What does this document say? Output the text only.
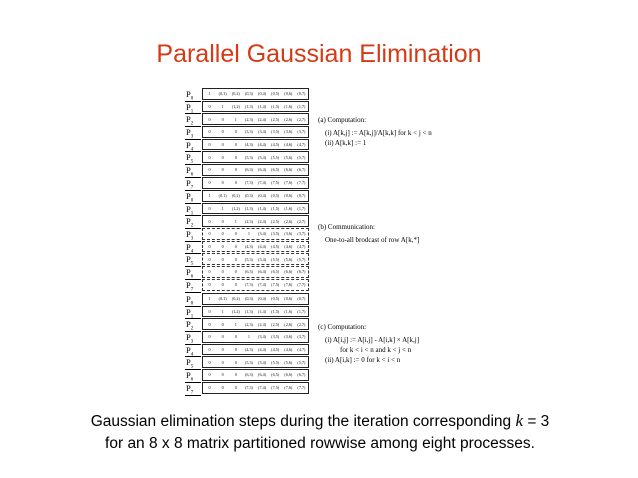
Parallel Gaussian Elimination
$P_0$
1	(0,1)	(0,2)	(0,3)	(0,4)	(0,5)	(0,6)	(0,7)
$P_1$
0	1	(1,2)	(1,3)	(1,4)	(1,5)	(1,6)	(1,7)
$P_2$
0	0	1	(2,3)	(2,4)	(2,5)	(2,6)	(2,7)
$P_3$
0	0	0	(3,3)	(3,4)	(3,5)	(3,6)	(3,7)
$P_4$
0	0	0	(4,3)	(4,4)	(4,5)	(4,6)	(4,7)
$P_5$
0	0	0	(5,3)	(5,4)	(5,5)	(5,6)	(5,7)
$P_6$
0	0	0	(6,3)	(6,4)	(6,5)	(6,6)	(6,7)
$P_7$
0	0	0	(7,3)	(7,4)	(7,5)	(7,6)	(7,7)
(a) Computation:
(i) A[k,j] := A[k,j]/A[k,k] for k < j < n
(ii) A[k,k] := 1
$P_0$
1	(0,1)	(0,2)	(0,3)	(0,4)	(0,5)	(0,6)	(0,7)
$P_1$
0	1	(1,2)	(1,3)	(1,4)	(1,5)	(1,6)	(1,7)
$P_2$
0	0	1	(2,3)	(2,4)	(2,5)	(2,6)	(2,7)
$P_3$
0	0	0	1	(3,4)	(3,5)	(3,6)	(3,7)
$P_4$
0	0	0	(4,3)	(4,4)	(4,5)	(4,6)	(4,7)
$P_5$
0	0	0	(5,3)	(5,4)	(5,5)	(5,6)	(5,7)
$P_6$
0	0	0	(6,3)	(6,4)	(6,5)	(6,6)	(6,7)
$P_7$
0	0	0	(7,3)	(7,4)	(7,5)	(7,6)	(7,7)
(b) Communication:
One-to-all brodcast of row A[k,*]
$P_0$
1	(0,1)	(0,2)	(0,3)	(0,4)	(0,5)	(0,6)	(0,7)
$P_1$
0	1	(1,2)	(1,3)	(1,4)	(1,5)	(1,6)	(1,7)
$P_2$
0	0	1	(2,3)	(2,4)	(2,5)	(2,6)	(2,7)
$P_3$
0	0	0	1	(3,4)	(3,5)	(3,6)	(3,7)
$P_4$
0	0	0	(4,3)	(4,4)	(4,5)	(4,6)	(4,7)
$P_5$
0	0	0	(5,3)	(5,4)	(5,5)	(5,6)	(5,7)
$P_6$
0	0	0	(6,3)	(6,4)	(6,5)	(6,6)	(6,7)
$P_7$
0	0	0	(7,3)	(7,4)	(7,5)	(7,6)	(7,7)
(c) Computation:
(i) A[i,j] := A[i,j] - A[i,k] × A[k,j]
for k < i < n and k < j < n
(ii) A[i,k] := 0 for k < i < n
Gaussian elimination steps during the iteration corresponding k = 3
for an 8 x 8 matrix partitioned rowwise among eight processes.
